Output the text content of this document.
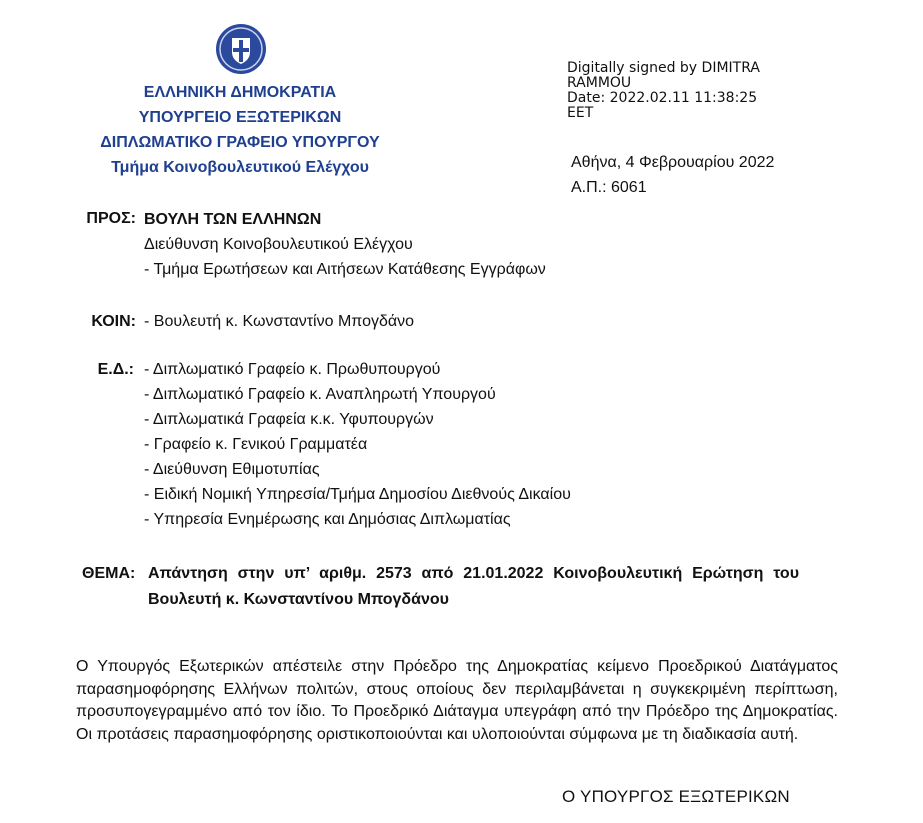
ΕΛΛΗΝΙΚΗ ΔΗΜΟΚΡΑΤΙΑ
ΥΠΟΥΡΓΕΙΟ ΕΞΩΤΕΡΙΚΩΝ
ΔΙΠΛΩΜΑΤΙΚΟ ΓΡΑΦΕΙΟ ΥΠΟΥΡΓΟΥ
Τμήμα Κοινοβουλευτικού Ελέγχου
Digitally signed by DIMITRA
RAMMOU
Date: 2022.02.11 11:38:25
EET
Αθήνα, 4 Φεβρουαρίου 2022
Α.Π.: 6061
ΠΡΟΣ: ΒΟΥΛΗ ΤΩΝ ΕΛΛΗΝΩΝ
Διεύθυνση Κοινοβουλευτικού Ελέγχου
- Τμήμα Ερωτήσεων και Αιτήσεων Κατάθεσης Εγγράφων
ΚΟΙΝ: - Βουλευτή κ. Κωνσταντίνο Μπογδάνο
Ε.Δ.: - Διπλωματικό Γραφείο κ. Πρωθυπουργού
- Διπλωματικό Γραφείο κ. Αναπληρωτή Υπουργού
- Διπλωματικά Γραφεία κ.κ. Υφυπουργών
- Γραφείο κ. Γενικού Γραμματέα
- Διεύθυνση Εθιμοτυπίας
- Ειδική Νομική Υπηρεσία/Τμήμα Δημοσίου Διεθνούς Δικαίου
- Υπηρεσία Ενημέρωσης και Δημόσιας Διπλωματίας
ΘΕΜΑ: Απάντηση στην υπ’ αριθμ. 2573 από 21.01.2022 Κοινοβουλευτική Ερώτηση του
Βουλευτή κ. Κωνσταντίνου Μπογδάνου
Ο Υπουργός Εξωτερικών απέστειλε στην Πρόεδρο της Δημοκρατίας κείμενο Προεδρικού Διατάγματος
παρασημοφόρησης Ελλήνων πολιτών, στους οποίους δεν περιλαμβάνεται η συγκεκριμένη περίπτωση,
προσυπογεγραμμένο από τον ίδιο. Το Προεδρικό Διάταγμα υπεγράφη από την Πρόεδρο της Δημοκρατίας.
Οι προτάσεις παρασημοφόρησης οριστικοποιούνται και υλοποιούνται σύμφωνα με τη διαδικασία αυτή.
Ο ΥΠΟΥΡΓΟΣ ΕΞΩΤΕΡΙΚΩΝ
